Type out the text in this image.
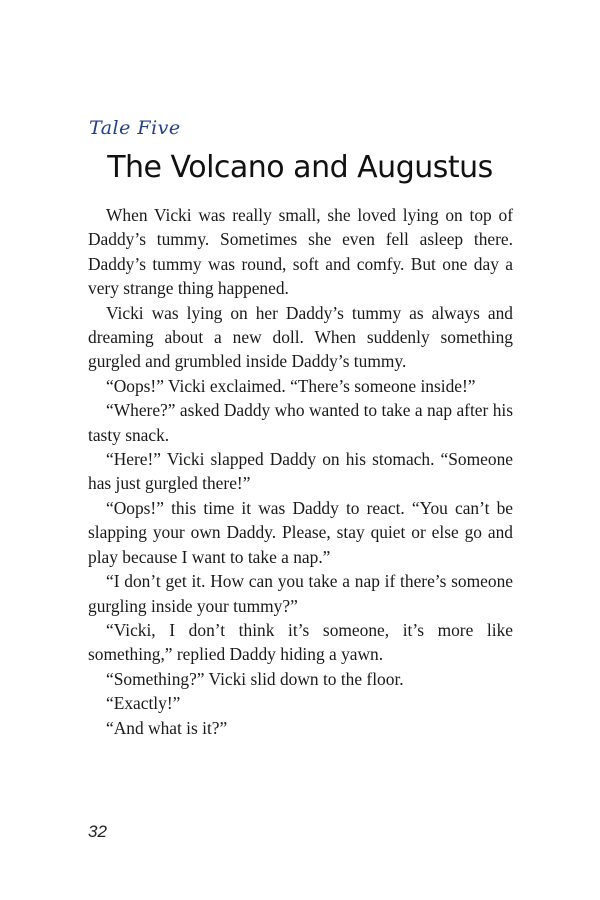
Tale Five
The Volcano and Augustus

When Vicki was really small, she loved lying on top of Daddy’s tummy. Sometimes she even fell asleep there. Daddy’s tummy was round, soft and comfy. But one day a very strange thing happened.

Vicki was lying on her Daddy’s tummy as always and dreaming about a new doll. When suddenly something gurgled and grumbled inside Daddy’s tummy.

“Oops!” Vicki exclaimed. “There’s someone inside!”

“Where?” asked Daddy who wanted to take a nap after his tasty snack.

“Here!” Vicki slapped Daddy on his stomach. “Someone has just gurgled there!”

“Oops!” this time it was Daddy to react. “You can’t be slapping your own Daddy. Please, stay quiet or else go and play because I want to take a nap.”

“I don’t get it. How can you take a nap if there’s someone gurgling inside your tummy?”

“Vicki, I don’t think it’s someone, it’s more like something,” replied Daddy hiding a yawn.

“Something?” Vicki slid down to the floor.

“Exactly!”

“And what is it?”

32
